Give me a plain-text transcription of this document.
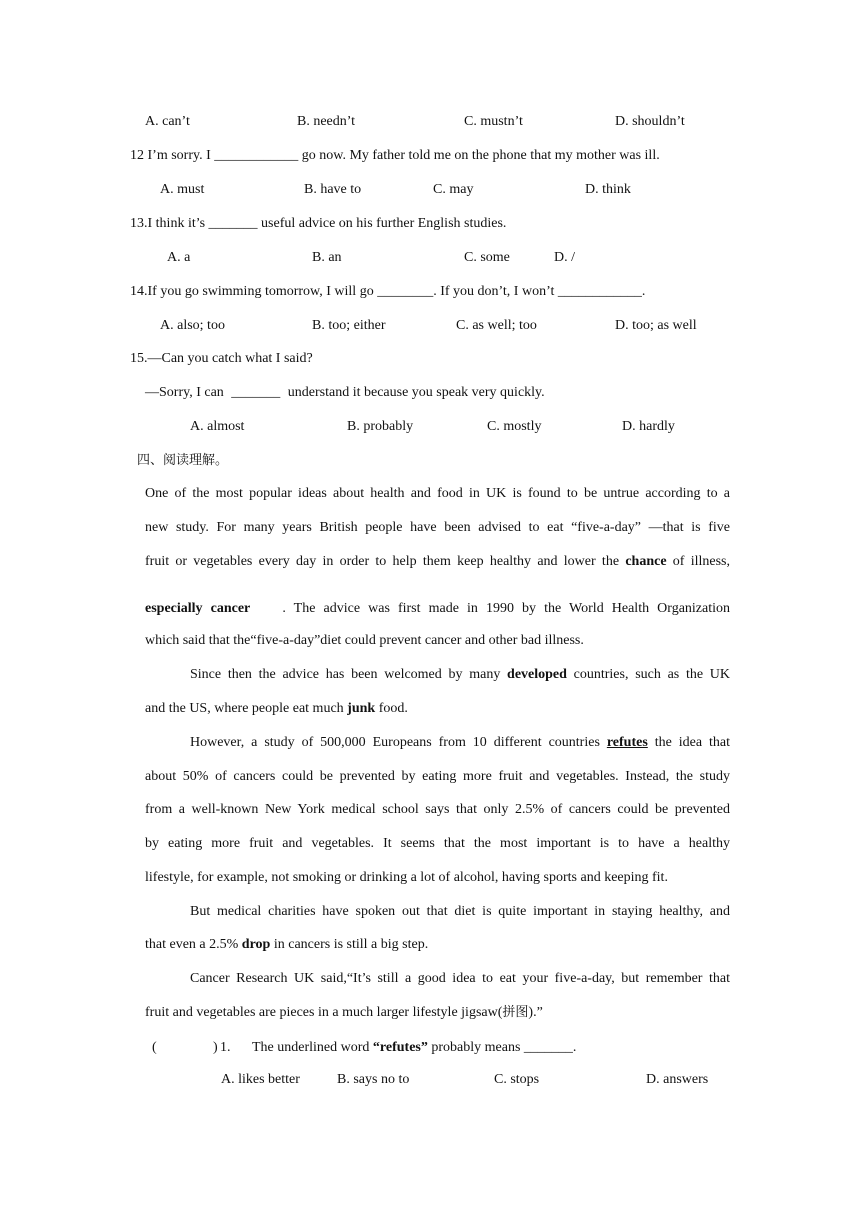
A. can’t	B. needn’t	C. mustn’t	D. shouldn’t
12 I’m sorry. I ____________ go now. My father told me on the phone that my mother was ill.
A. must	B. have to	C. may	D. think
13.I think it’s _______ useful advice on his further English studies.
A. a	B. an	C. some	D. /
14.If you go swimming tomorrow, I will go ________. If you don’t, I won’t ____________.
A. also; too	B. too; either	C. as well; too	D. too; as well
15.―Can you catch what I said?
―Sorry, I can _______ understand it because you speak very quickly.
A. almost	B. probably	C. mostly	D. hardly
四、阅读理解。
One of the most popular ideas about health and food in UK is found to be untrue according to a
new study. For many years British people have been advised to eat “five-a-day” —that is five
fruit or vegetables every day in order to help them keep healthy and lower the chance of illness,
especially cancer . The advice was first made in 1990 by the World Health Organization
which said that the“five-a-day”diet could prevent cancer and other bad illness.
Since then the advice has been welcomed by many developed countries, such as the UK
and the US, where people eat much junk food.
However, a study of 500,000 Europeans from 10 different countries refutes the idea that
about 50% of cancers could be prevented by eating more fruit and vegetables. Instead, the study
from a well-known New York medical school says that only 2.5% of cancers could be prevented
by eating more fruit and vegetables. It seems that the most important is to have a healthy
lifestyle, for example, not smoking or drinking a lot of alcohol, having sports and keeping fit.
But medical charities have spoken out that diet is quite important in staying healthy, and
that even a 2.5% drop in cancers is still a big step.
Cancer Research UK said,“It’s still a good idea to eat your five-a-day, but remember that
fruit and vegetables are pieces in a much larger lifestyle jigsaw(拼图).”
(	) 1. The underlined word “refutes” probably means _______.
A. likes better	B. says no to	C. stops	D. answers
